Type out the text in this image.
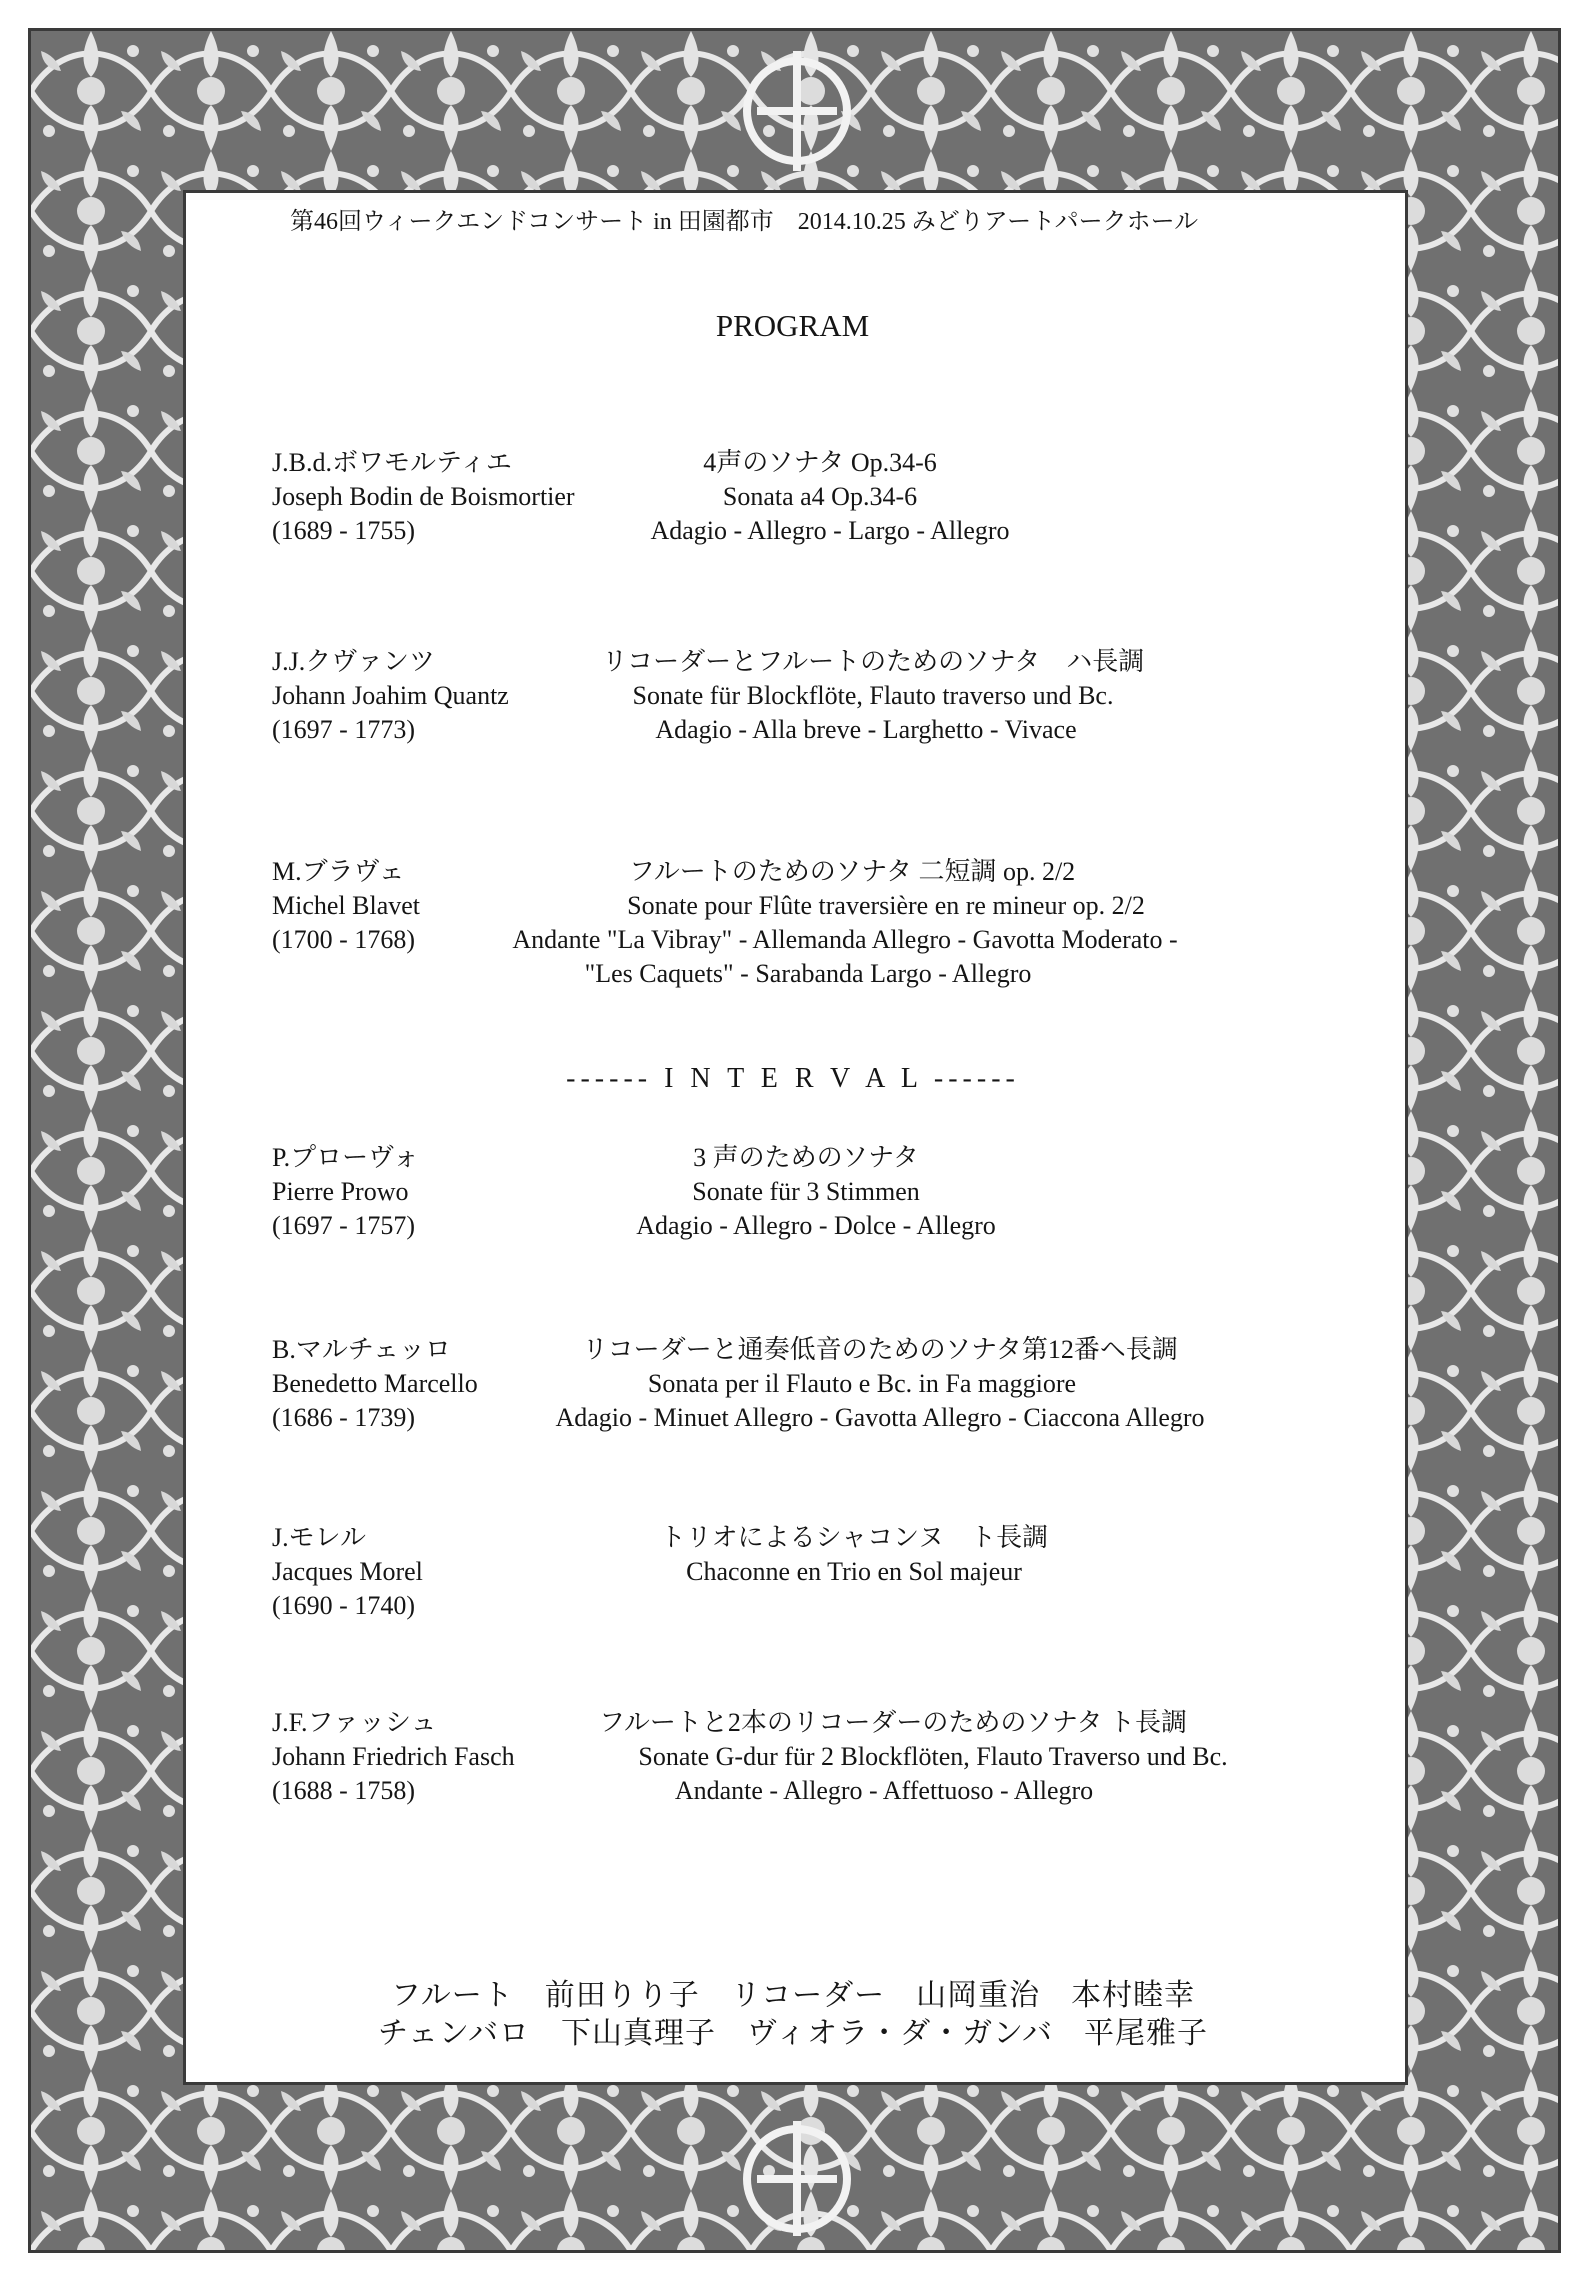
第46回ウィークエンドコンサート in 田園都市　2014.10.25 みどりアートパークホール
PROGRAM
J.B.d.ボワモルティエ
Joseph Bodin de Boismortier
(1689 - 1755)
4声のソナタ Op.34-6
Sonata a4 Op.34-6
Adagio - Allegro - Largo - Allegro
J.J.クヴァンツ
Johann Joahim Quantz
(1697 - 1773)
リコーダーとフルートのためのソナタ　ハ長調
Sonate für Blockflöte, Flauto traverso und Bc.
Adagio - Alla breve - Larghetto - Vivace
M.ブラヴェ
Michel Blavet
(1700 - 1768)
フルートのためのソナタ 二短調 op. 2/2
Sonate pour Flûte traversière en re mineur op. 2/2
Andante "La Vibray" - Allemanda Allegro - Gavotta Moderato -
"Les Caquets" - Sarabanda Largo - Allegro
------ I N T E R V A L ------
P.プローヴォ
Pierre Prowo
(1697 - 1757)
3 声のためのソナタ
Sonate für 3 Stimmen
Adagio - Allegro - Dolce - Allegro
B.マルチェッロ
Benedetto Marcello
(1686 - 1739)
リコーダーと通奏低音のためのソナタ第12番ヘ長調
Sonata per il Flauto e Bc. in Fa maggiore
Adagio - Minuet Allegro - Gavotta Allegro - Ciaccona Allegro
J.モレル
Jacques Morel
(1690 - 1740)
トリオによるシャコンヌ　ト長調
Chaconne en Trio en Sol majeur
J.F.ファッシュ
Johann Friedrich Fasch
(1688 - 1758)
フルートと2本のリコーダーのためのソナタ ト長調
Sonate G-dur für 2 Blockflöten, Flauto Traverso und Bc.
Andante - Allegro - Affettuoso - Allegro
フルート　前田りり子　リコーダー　山岡重治　本村睦幸
チェンバロ　下山真理子　ヴィオラ・ダ・ガンバ　平尾雅子
